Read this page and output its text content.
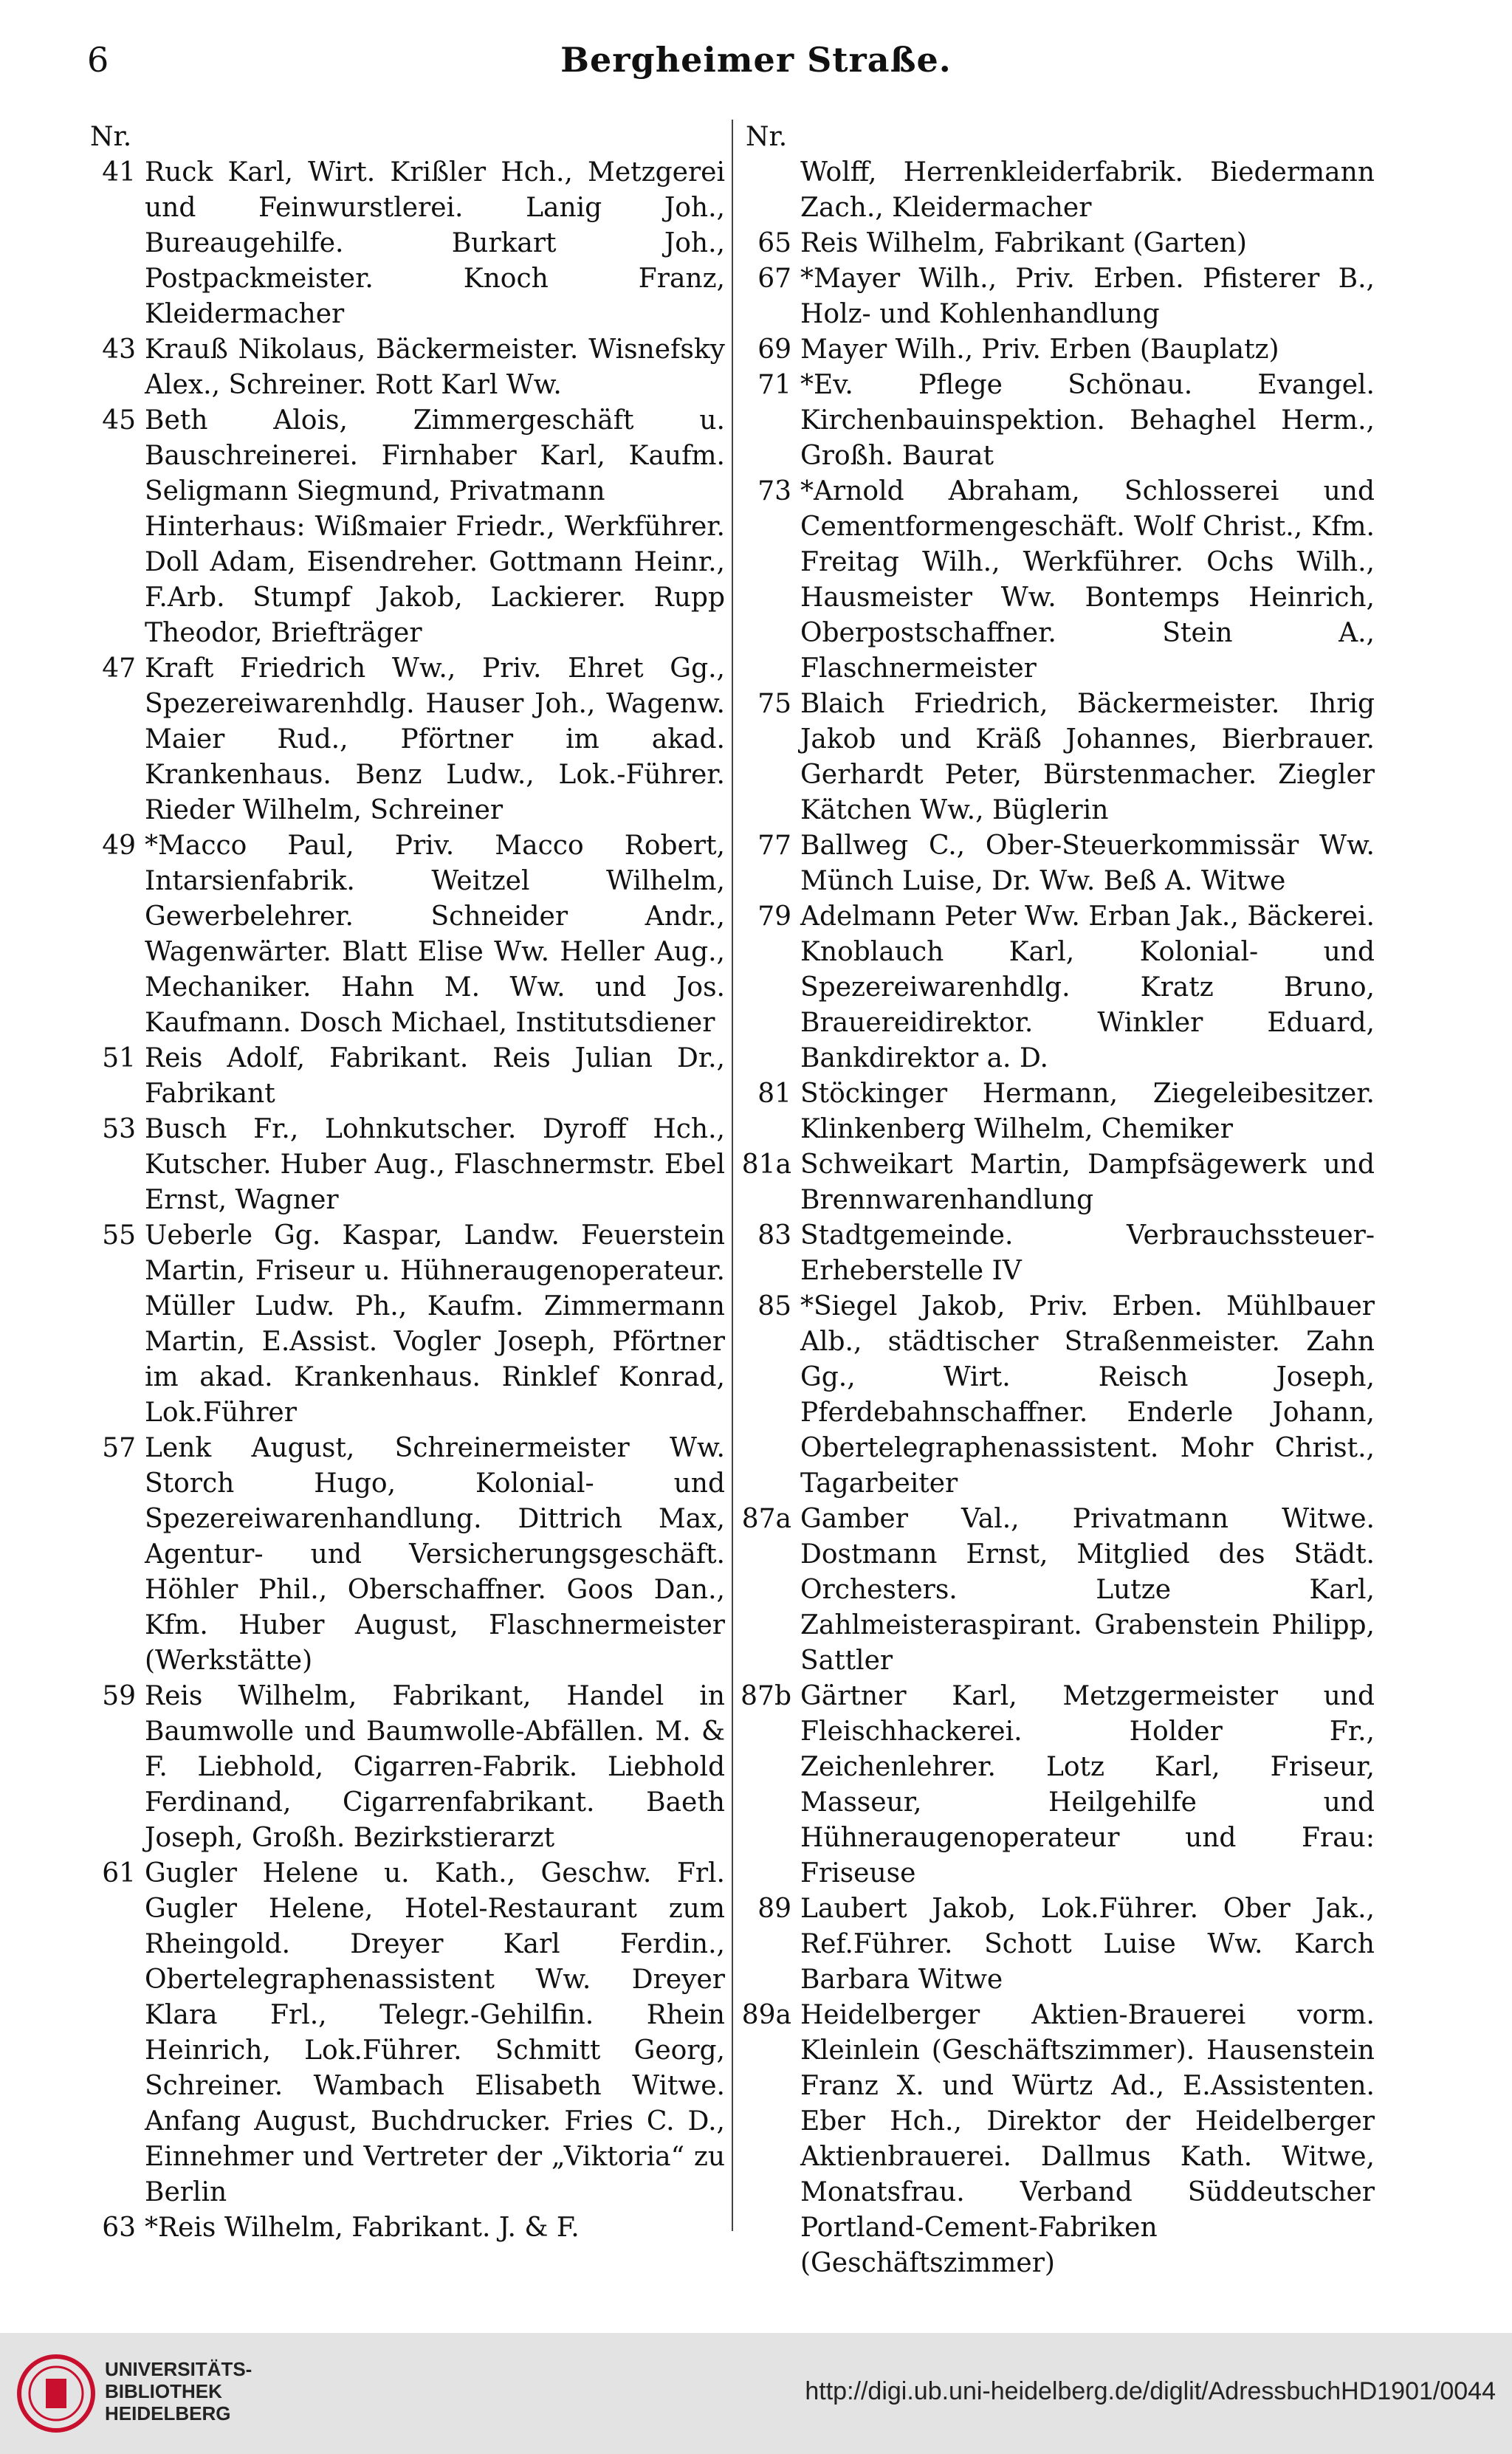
6	Bergheimer Straße.
Nr.
41 Ruck Karl, Wirt. Krißler Hch., Metzgerei und Feinwurstlerei. Lanig Joh., Bureaugehilfe. Burkart Joh., Postpackmeister. Knoch Franz, Kleidermacher
43 Krauß Nikolaus, Bäckermeister. Wisnefsky Alex., Schreiner. Rott Karl Ww.
45 Beth Alois, Zimmergeschäft u. Bauschreinerei. Firnhaber Karl, Kaufm. Seligmann Siegmund, Privatmann
Hinterhaus: Wißmaier Friedr., Werkführer. Doll Adam, Eisendreher. Gottmann Heinr., F.Arb. Stumpf Jakob, Lackierer. Rupp Theodor, Briefträger
47 Kraft Friedrich Ww., Priv. Ehret Gg., Spezereiwarenhdlg. Hauser Joh., Wagenw. Maier Rud., Pförtner im akad. Krankenhaus. Benz Ludw., Lok.-Führer. Rieder Wilhelm, Schreiner
49 *Macco Paul, Priv. Macco Robert, Intarsienfabrik. Weitzel Wilhelm, Gewerbelehrer. Schneider Andr., Wagenwärter. Blatt Elise Ww. Heller Aug., Mechaniker. Hahn M. Ww. und Jos. Kaufmann. Dosch Michael, Institutsdiener
51 Reis Adolf, Fabrikant. Reis Julian Dr., Fabrikant
53 Busch Fr., Lohnkutscher. Dyroff Hch., Kutscher. Huber Aug., Flaschnermstr. Ebel Ernst, Wagner
55 Ueberle Gg. Kaspar, Landw. Feuerstein Martin, Friseur u. Hühneraugenoperateur. Müller Ludw. Ph., Kaufm. Zimmermann Martin, E.Assist. Vogler Joseph, Pförtner im akad. Krankenhaus. Rinklef Konrad, Lok.Führer
57 Lenk August, Schreinermeister Ww. Storch Hugo, Kolonial- und Spezereiwarenhandlung. Dittrich Max, Agentur- und Versicherungsgeschäft. Höhler Phil., Oberschaffner. Goos Dan., Kfm. Huber August, Flaschnermeister (Werkstätte)
59 Reis Wilhelm, Fabrikant, Handel in Baumwolle und Baumwolle-Abfällen. M. & F. Liebhold, Cigarren-Fabrik. Liebhold Ferdinand, Cigarrenfabrikant. Baeth Joseph, Großh. Bezirkstierarzt
61 Gugler Helene u. Kath., Geschw. Frl. Gugler Helene, Hotel-Restaurant zum Rheingold. Dreyer Karl Ferdin., Obertelegraphenassistent Ww. Dreyer Klara Frl., Telegr.-Gehilfin. Rhein Heinrich, Lok.Führer. Schmitt Georg, Schreiner. Wambach Elisabeth Witwe. Anfang August, Buchdrucker. Fries C. D., Einnehmer und Vertreter der „Viktoria“ zu Berlin
63 *Reis Wilhelm, Fabrikant. J. & F.
Nr.
Wolff, Herrenkleiderfabrik. Biedermann Zach., Kleidermacher
65 Reis Wilhelm, Fabrikant (Garten)
67 *Mayer Wilh., Priv. Erben. Pfisterer B., Holz- und Kohlenhandlung
69 Mayer Wilh., Priv. Erben (Bauplatz)
71 *Ev. Pflege Schönau. Evangel. Kirchenbauinspektion. Behaghel Herm., Großh. Baurat
73 *Arnold Abraham, Schlosserei und Cementformengeschäft. Wolf Christ., Kfm. Freitag Wilh., Werkführer. Ochs Wilh., Hausmeister Ww. Bontemps Heinrich, Oberpostschaffner. Stein A., Flaschnermeister
75 Blaich Friedrich, Bäckermeister. Ihrig Jakob und Kräß Johannes, Bierbrauer. Gerhardt Peter, Bürstenmacher. Ziegler Kätchen Ww., Büglerin
77 Ballweg C., Ober-Steuerkommissär Ww. Münch Luise, Dr. Ww. Beß A. Witwe
79 Adelmann Peter Ww. Erban Jak., Bäckerei. Knoblauch Karl, Kolonial- und Spezereiwarenhdlg. Kratz Bruno, Brauereidirektor. Winkler Eduard, Bankdirektor a. D.
81 Stöckinger Hermann, Ziegeleibesitzer. Klinkenberg Wilhelm, Chemiker
81a Schweikart Martin, Dampfsägewerk und Brennwarenhandlung
83 Stadtgemeinde. Verbrauchssteuer-Erheberstelle IV
85 *Siegel Jakob, Priv. Erben. Mühlbauer Alb., städtischer Straßenmeister. Zahn Gg., Wirt. Reisch Joseph, Pferdebahnschaffner. Enderle Johann, Obertelegraphenassistent. Mohr Christ., Tagarbeiter
87a Gamber Val., Privatmann Witwe. Dostmann Ernst, Mitglied des Städt. Orchesters. Lutze Karl, Zahlmeisteraspirant. Grabenstein Philipp, Sattler
87b Gärtner Karl, Metzgermeister und Fleischhackerei. Holder Fr., Zeichenlehrer. Lotz Karl, Friseur, Masseur, Heilgehilfe und Hühneraugenoperateur und Frau: Friseuse
89 Laubert Jakob, Lok.Führer. Ober Jak., Ref.Führer. Schott Luise Ww. Karch Barbara Witwe
89a Heidelberger Aktien-Brauerei vorm. Kleinlein (Geschäftszimmer). Hausenstein Franz X. und Würtz Ad., E.Assistenten. Eber Hch., Direktor der Heidelberger Aktienbrauerei. Dallmus Kath. Witwe, Monatsfrau. Verband Süddeutscher Portland-Cement-Fabriken (Geschäftszimmer)
UNIVERSITÄTS-
BIBLIOTHEK
HEIDELBERG
http://digi.ub.uni-heidelberg.de/diglit/AdressbuchHD1901/0044
